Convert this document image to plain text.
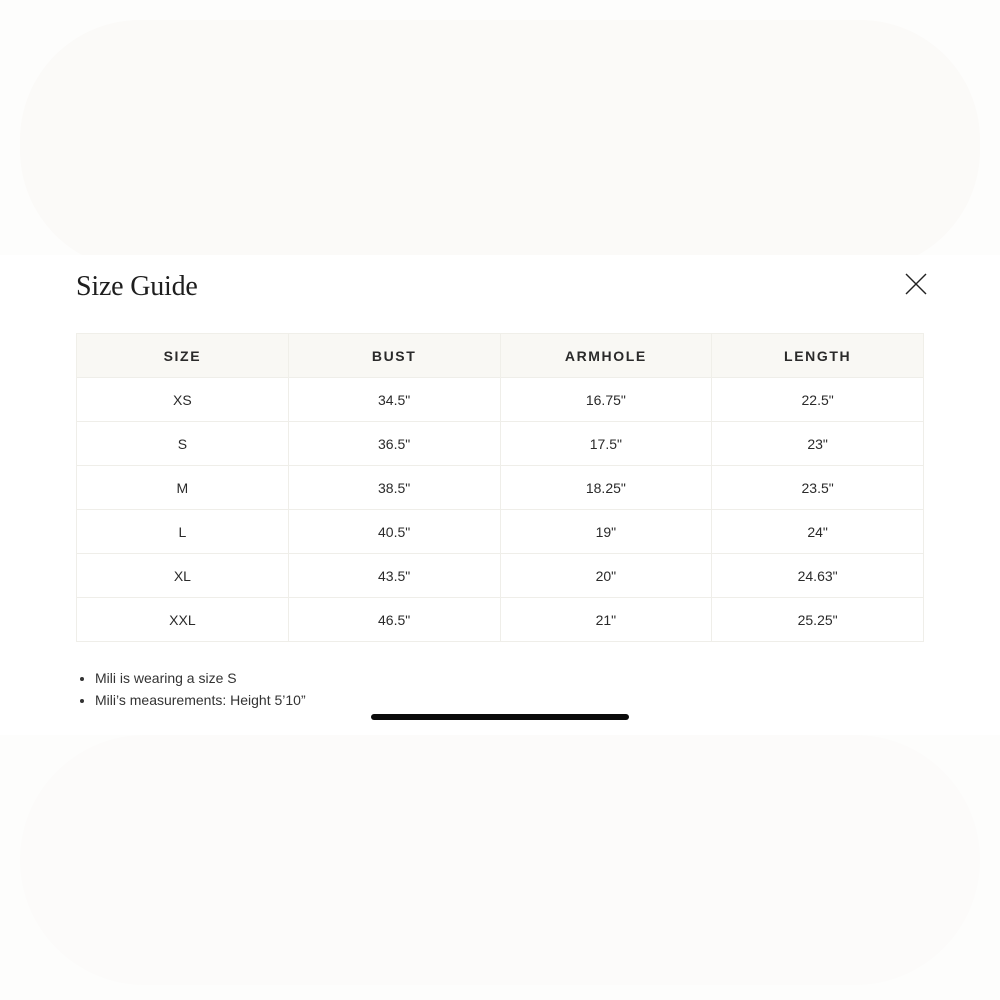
Size Guide
SIZE	BUST	ARMHOLE	LENGTH
XS	34.5"	16.75"	22.5"
S	36.5"	17.5"	23"
M	38.5"	18.25"	23.5"
L	40.5"	19"	24"
XL	43.5"	20"	24.63"
XXL	46.5"	21"	25.25"
• Mili is wearing a size S
• Mili’s measurements: Height 5’10”
